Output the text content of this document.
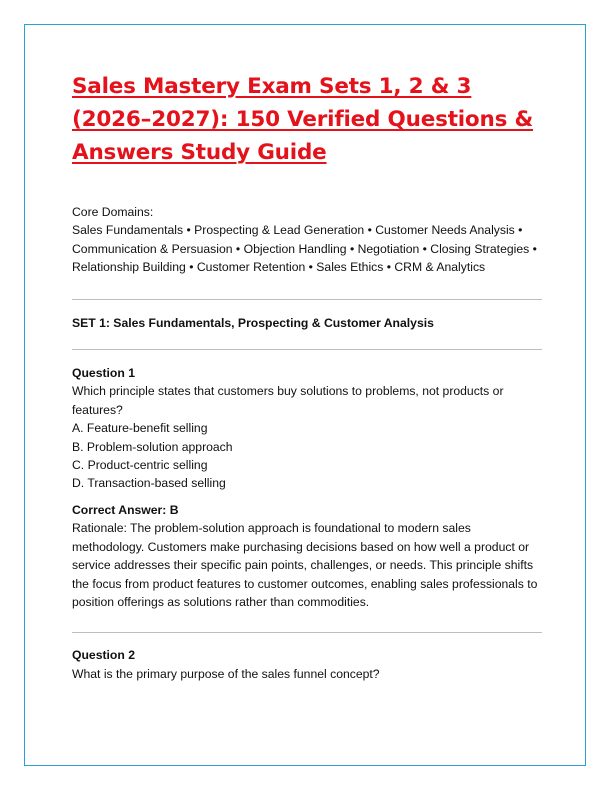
Sales Mastery Exam Sets 1, 2 & 3 (2026–2027): 150 Verified Questions & Answers Study Guide
Core Domains:
Sales Fundamentals • Prospecting & Lead Generation • Customer Needs Analysis • Communication & Persuasion • Objection Handling • Negotiation • Closing Strategies • Relationship Building • Customer Retention • Sales Ethics • CRM & Analytics
SET 1: Sales Fundamentals, Prospecting & Customer Analysis
Question 1
Which principle states that customers buy solutions to problems, not products or features?
A. Feature-benefit selling
B. Problem-solution approach
C. Product-centric selling
D. Transaction-based selling
Correct Answer: B
Rationale: The problem-solution approach is foundational to modern sales methodology. Customers make purchasing decisions based on how well a product or service addresses their specific pain points, challenges, or needs. This principle shifts the focus from product features to customer outcomes, enabling sales professionals to position offerings as solutions rather than commodities.
Question 2
What is the primary purpose of the sales funnel concept?
